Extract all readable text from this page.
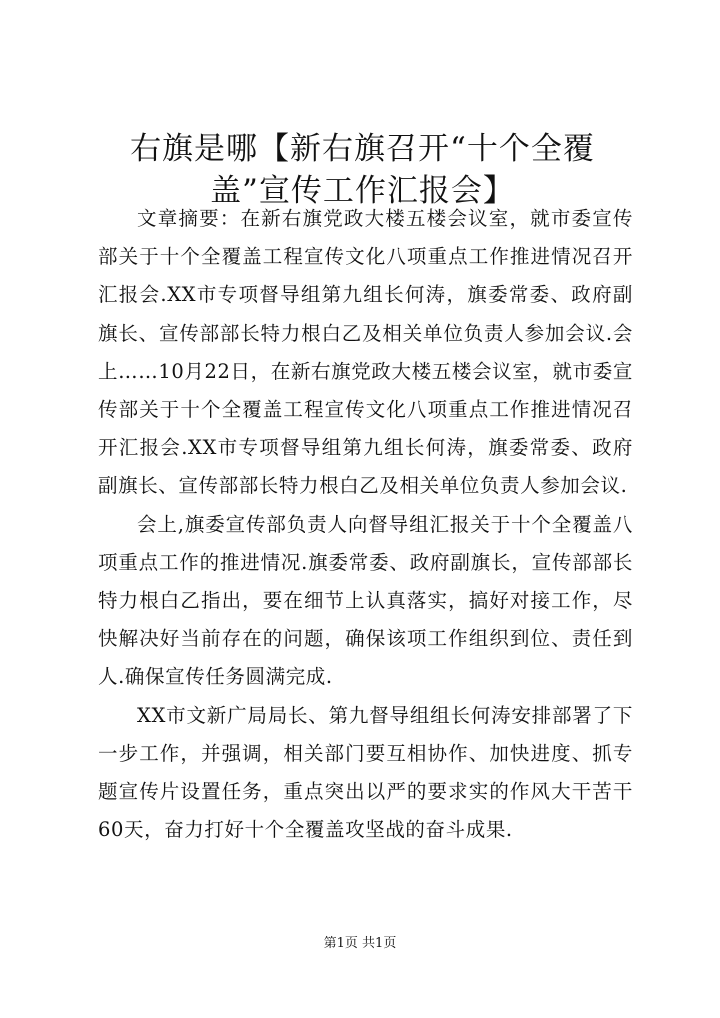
右旗是哪【新右旗召开“十个全覆盖”宣传工作汇报会】

文章摘要：在新右旗党政大楼五楼会议室，就市委宣传部关于十个全覆盖工程宣传文化八项重点工作推进情况召开汇报会.XX市专项督导组第九组长何涛，旗委常委、政府副旗长、宣传部部长特力根白乙及相关单位负责人参加会议.会上……10月22日，在新右旗党政大楼五楼会议室，就市委宣传部关于十个全覆盖工程宣传文化八项重点工作推进情况召开汇报会.XX市专项督导组第九组长何涛，旗委常委、政府副旗长、宣传部部长特力根白乙及相关单位负责人参加会议.

会上,旗委宣传部负责人向督导组汇报关于十个全覆盖八项重点工作的推进情况.旗委常委、政府副旗长，宣传部部长特力根白乙指出，要在细节上认真落实，搞好对接工作，尽快解决好当前存在的问题，确保该项工作组织到位、责任到人.确保宣传任务圆满完成.

XX市文新广局局长、第九督导组组长何涛安排部署了下一步工作，并强调，相关部门要互相协作、加快进度、抓专题宣传片设置任务，重点突出以严的要求实的作风大干苦干60天，奋力打好十个全覆盖攻坚战的奋斗成果.

第1页 共1页
